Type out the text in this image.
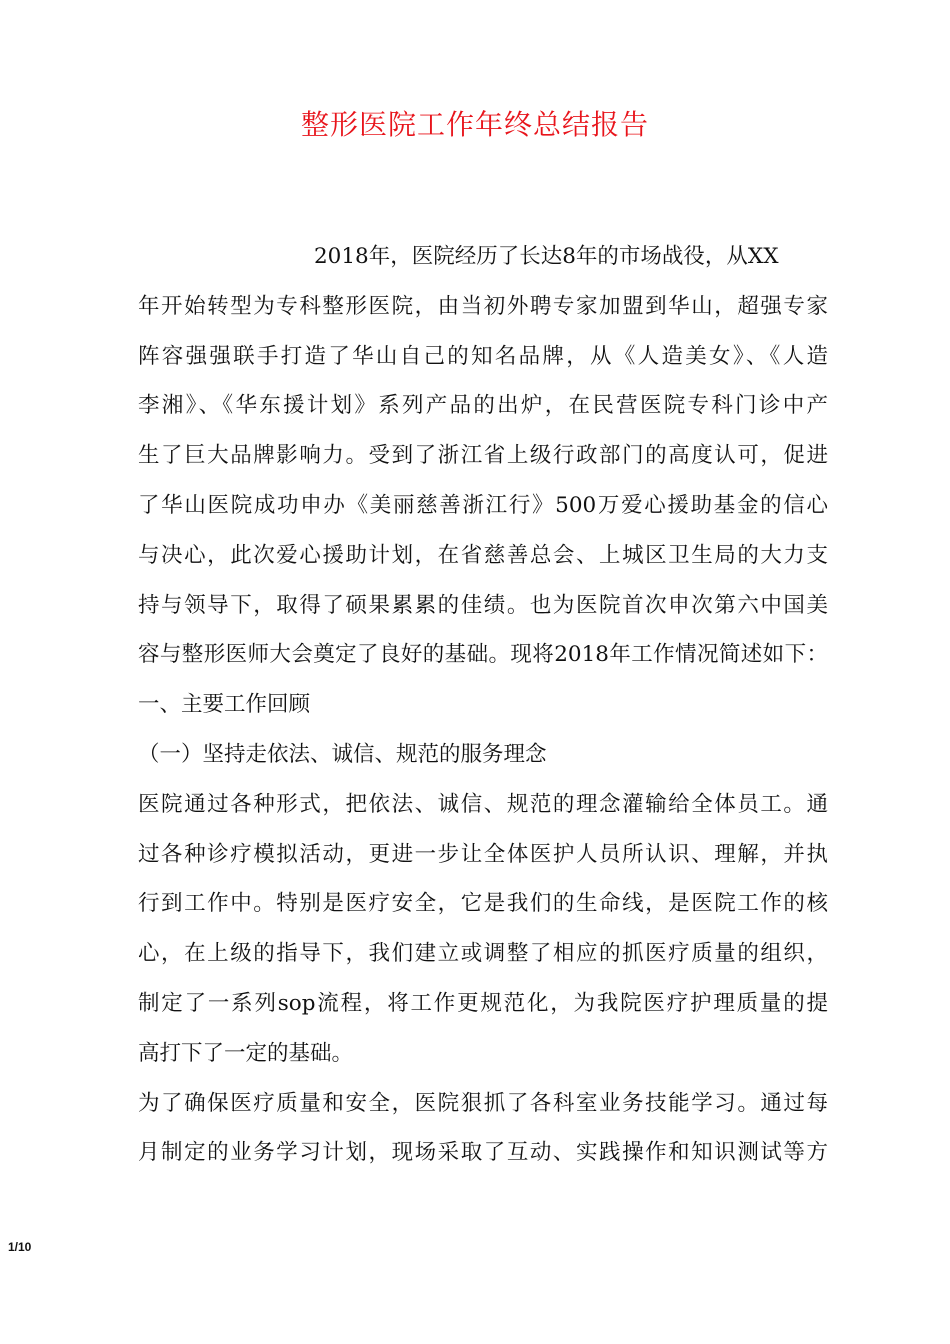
整形医院工作年终总结报告
2018年，医院经历了长达8年的市场战役，从XX
年开始转型为专科整形医院，由当初外聘专家加盟到华山，超强专家
阵容强强联手打造了华山自己的知名品牌，从《人造美女》、《人造
李湘》、《华东援计划》系列产品的出炉，在民营医院专科门诊中产
生了巨大品牌影响力。受到了浙江省上级行政部门的高度认可，促进
了华山医院成功申办《美丽慈善浙江行》500万爱心援助基金的信心
与决心，此次爱心援助计划，在省慈善总会、上城区卫生局的大力支
持与领导下，取得了硕果累累的佳绩。也为医院首次申次第六中国美
容与整形医师大会奠定了良好的基础。现将2018年工作情况简述如下：
一、主要工作回顾
（一）坚持走依法、诚信、规范的服务理念
医院通过各种形式，把依法、诚信、规范的理念灌输给全体员工。通
过各种诊疗模拟活动，更进一步让全体医护人员所认识、理解，并执
行到工作中。特别是医疗安全，它是我们的生命线，是医院工作的核
心，在上级的指导下，我们建立或调整了相应的抓医疗质量的组织，
制定了一系列sop流程，将工作更规范化，为我院医疗护理质量的提
高打下了一定的基础。
为了确保医疗质量和安全，医院狠抓了各科室业务技能学习。通过每
月制定的业务学习计划，现场采取了互动、实践操作和知识测试等方
1/10
